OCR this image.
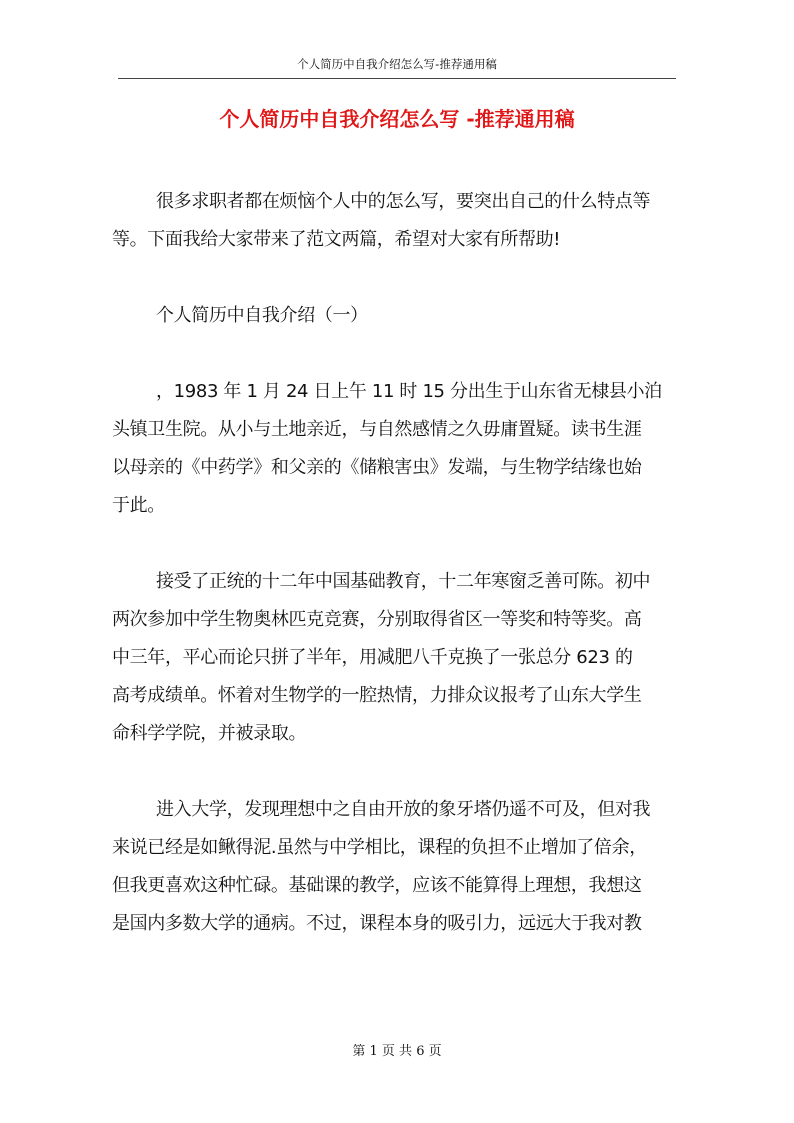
个人简历中自我介绍怎么写-推荐通用稿
个人简历中自我介绍怎么写 -推荐通用稿

很多求职者都在烦恼个人中的怎么写，要突出自己的什么特点等
等。下面我给大家带来了范文两篇，希望对大家有所帮助!

个人简历中自我介绍（一）

，1983 年 1 月 24 日上午 11 时 15 分出生于山东省无棣县小泊
头镇卫生院。从小与土地亲近，与自然感情之久毋庸置疑。读书生涯
以母亲的《中药学》和父亲的《储粮害虫》发端，与生物学结缘也始
于此。

接受了正统的十二年中国基础教育，十二年寒窗乏善可陈。初中
两次参加中学生物奥林匹克竞赛，分别取得省区一等奖和特等奖。高
中三年，平心而论只拼了半年，用减肥八千克换了一张总分 623 的
高考成绩单。怀着对生物学的一腔热情，力排众议报考了山东大学生
命科学学院，并被录取。

进入大学，发现理想中之自由开放的象牙塔仍遥不可及，但对我
来说已经是如鳅得泥.虽然与中学相比，课程的负担不止增加了倍余，
但我更喜欢这种忙碌。基础课的教学，应该不能算得上理想，我想这
是国内多数大学的通病。不过，课程本身的吸引力，远远大于我对教

第 1 页 共 6 页
